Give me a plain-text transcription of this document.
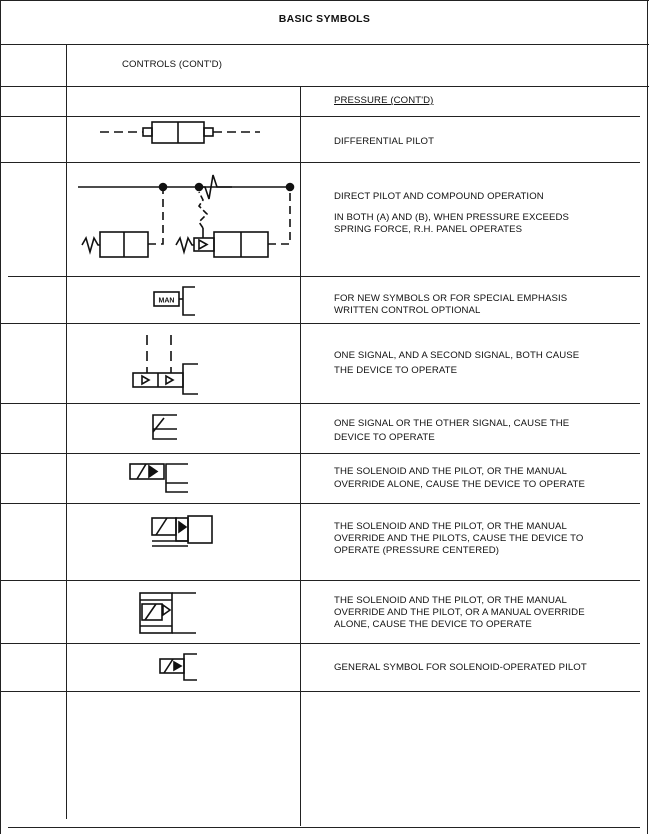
BASIC SYMBOLS
CONTROLS (CONT'D)
PRESSURE (CONT'D)
DIFFERENTIAL PILOT
DIRECT PILOT AND COMPOUND OPERATION
IN BOTH (A) AND (B), WHEN PRESSURE EXCEEDS
SPRING FORCE, R.H. PANEL OPERATES
FOR NEW SYMBOLS OR FOR SPECIAL EMPHASIS
WRITTEN CONTROL OPTIONAL
ONE SIGNAL, AND A SECOND SIGNAL, BOTH CAUSE
THE DEVICE TO OPERATE
ONE SIGNAL OR THE OTHER SIGNAL, CAUSE THE
DEVICE TO OPERATE
THE SOLENOID AND THE PILOT, OR THE MANUAL
OVERRIDE ALONE, CAUSE THE DEVICE TO OPERATE
THE SOLENOID AND THE PILOT, OR THE MANUAL
OVERRIDE AND THE PILOTS, CAUSE THE DEVICE TO
OPERATE (PRESSURE CENTERED)
THE SOLENOID AND THE PILOT, OR THE MANUAL
OVERRIDE AND THE PILOT, OR A MANUAL OVERRIDE
ALONE, CAUSE THE DEVICE TO OPERATE
GENERAL SYMBOL FOR SOLENOID-OPERATED PILOT
MAN
